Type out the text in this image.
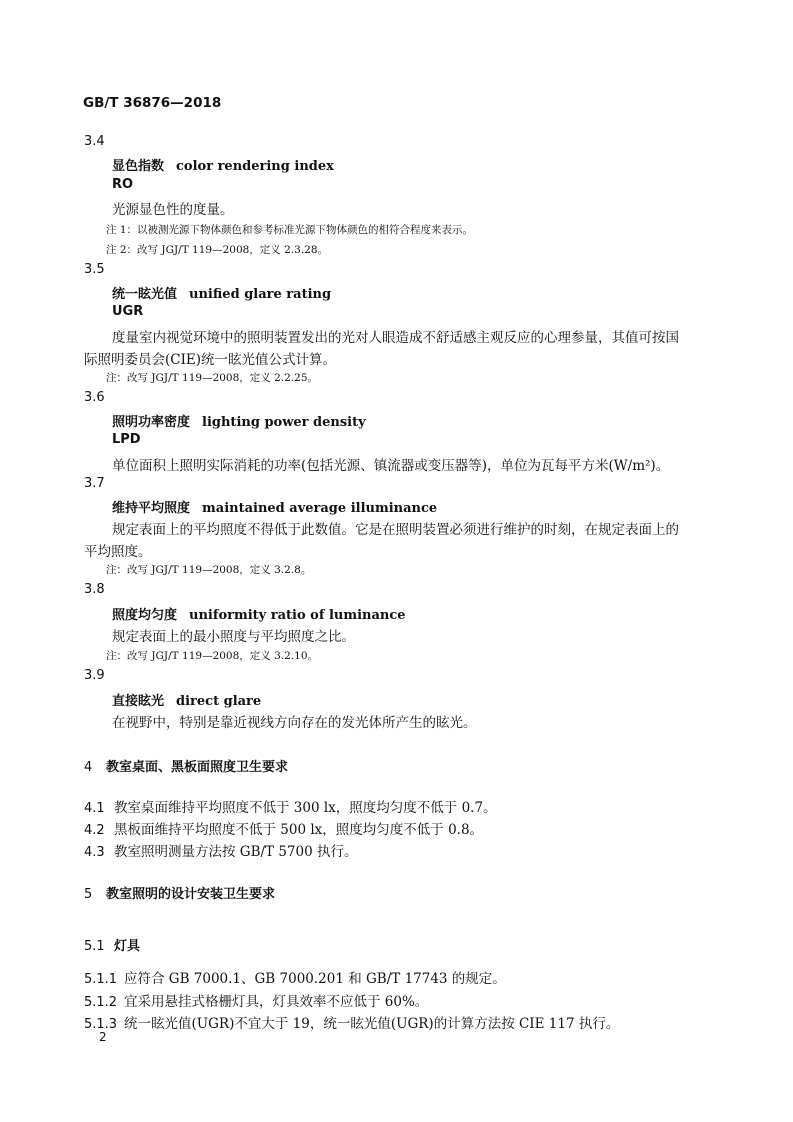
GB/T 36876—2018
3.4
显色指数 color rendering index
RO
光源显色性的度量。
注 1：以被测光源下物体颜色和参考标准光源下物体颜色的相符合程度来表示。
注 2：改写 JGJ/T 119—2008，定义 2.3.28。
3.5
统一眩光值 unified glare rating
UGR
度量室内视觉环境中的照明装置发出的光对人眼造成不舒适感主观反应的心理参量，其值可按国
际照明委员会(CIE)统一眩光值公式计算。
注：改写 JGJ/T 119—2008，定义 2.2.25。
3.6
照明功率密度 lighting power density
LPD
单位面积上照明实际消耗的功率(包括光源、镇流器或变压器等)，单位为瓦每平方米(W/m²)。
3.7
维持平均照度 maintained average illuminance
规定表面上的平均照度不得低于此数值。它是在照明装置必须进行维护的时刻，在规定表面上的
平均照度。
注：改写 JGJ/T 119—2008，定义 3.2.8。
3.8
照度均匀度 uniformity ratio of luminance
规定表面上的最小照度与平均照度之比。
注：改写 JGJ/T 119—2008，定义 3.2.10。
3.9
直接眩光 direct glare
在视野中，特别是靠近视线方向存在的发光体所产生的眩光。
4 教室桌面、黑板面照度卫生要求
4.1 教室桌面维持平均照度不低于 300 lx，照度均匀度不低于 0.7。
4.2 黑板面维持平均照度不低于 500 lx，照度均匀度不低于 0.8。
4.3 教室照明测量方法按 GB/T 5700 执行。
5 教室照明的设计安装卫生要求
5.1 灯具
5.1.1 应符合 GB 7000.1、GB 7000.201 和 GB/T 17743 的规定。
5.1.2 宜采用悬挂式格栅灯具，灯具效率不应低于 60%。
5.1.3 统一眩光值(UGR)不宜大于 19，统一眩光值(UGR)的计算方法按 CIE 117 执行。
2
